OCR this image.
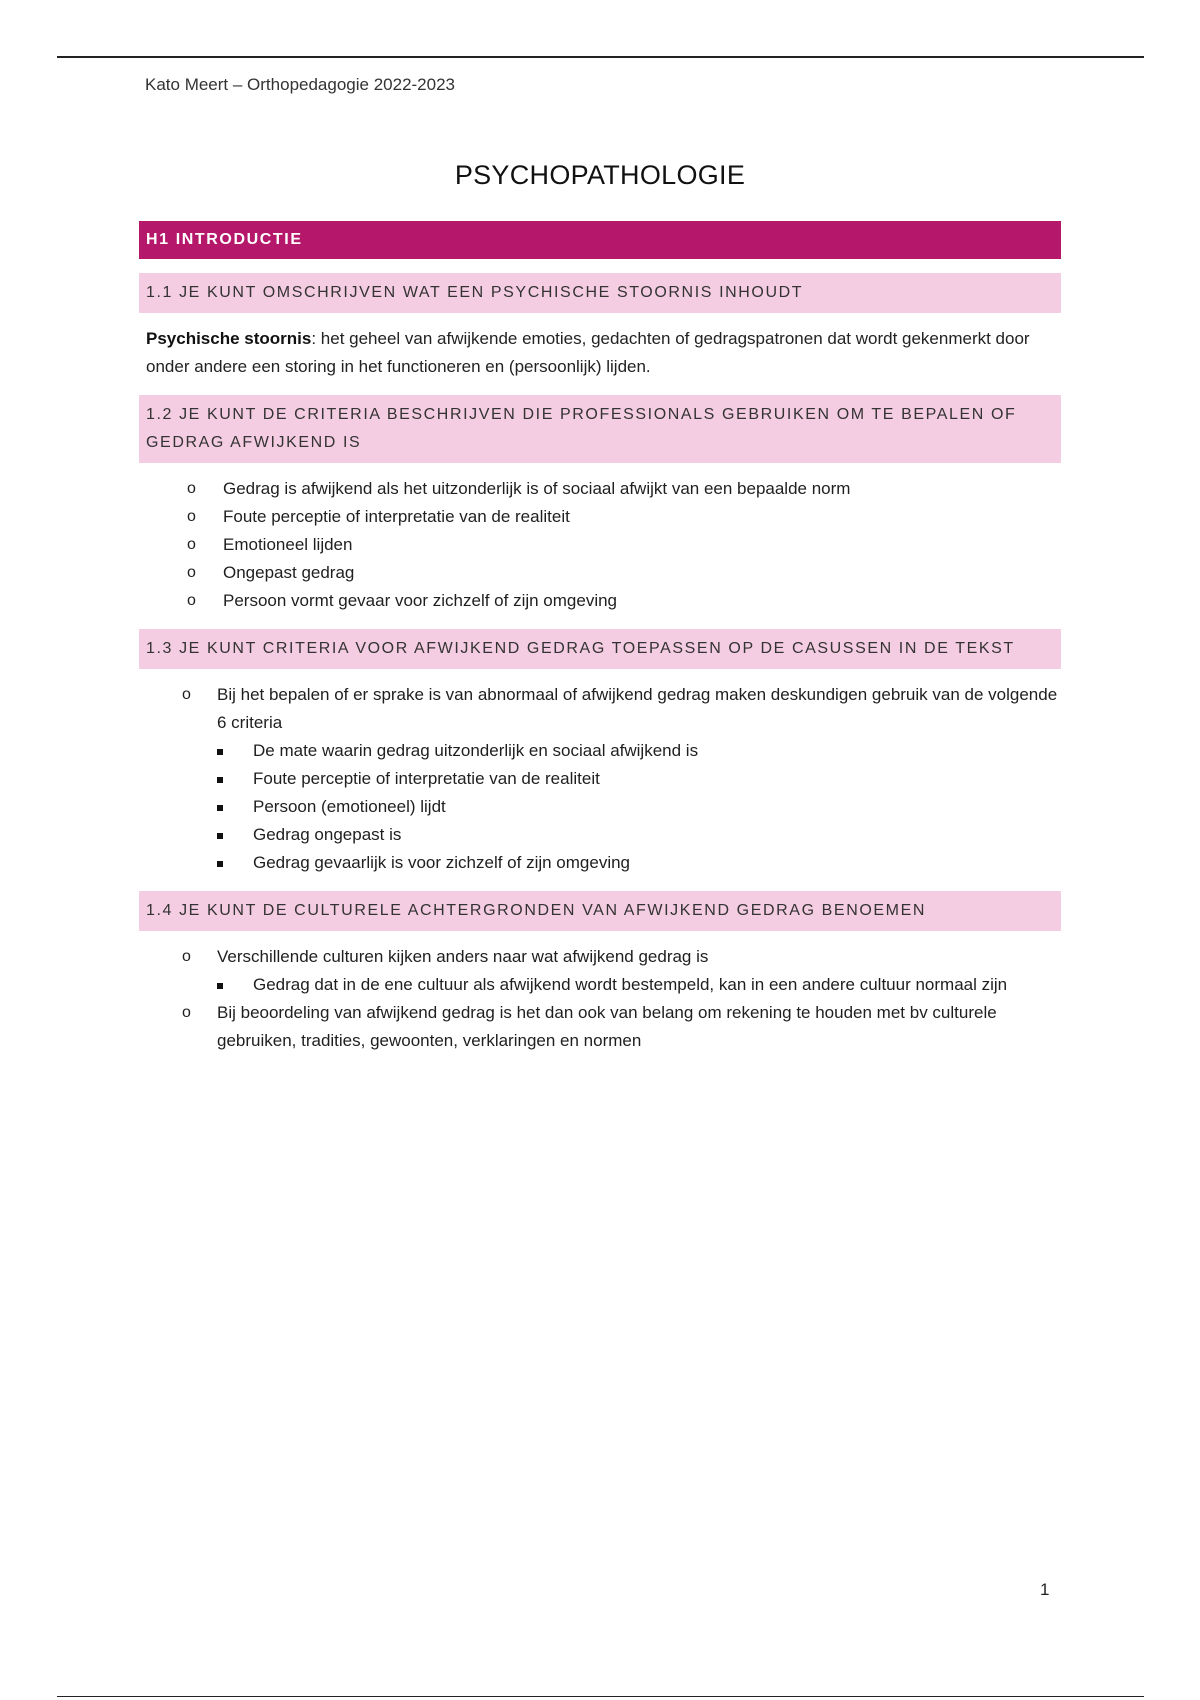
Kato Meert – Orthopedagogie 2022-2023
PSYCHOPATHOLOGIE
H1 INTRODUCTIE
1.1 JE KUNT OMSCHRIJVEN WAT EEN PSYCHISCHE STOORNIS INHOUDT

Psychische stoornis: het geheel van afwijkende emoties, gedachten of gedragspatronen dat wordt gekenmerkt door onder andere een storing in het functioneren en (persoonlijk) lijden.

1.2 JE KUNT DE CRITERIA BESCHRIJVEN DIE PROFESSIONALS GEBRUIKEN OM TE BEPALEN OF GEDRAG AFWIJKEND IS
o Gedrag is afwijkend als het uitzonderlijk is of sociaal afwijkt van een bepaalde norm
o Foute perceptie of interpretatie van de realiteit
o Emotioneel lijden
o Ongepast gedrag
o Persoon vormt gevaar voor zichzelf of zijn omgeving
1.3 JE KUNT CRITERIA VOOR AFWIJKEND GEDRAG TOEPASSEN OP DE CASUSSEN IN DE TEKST
o Bij het bepalen of er sprake is van abnormaal of afwijkend gedrag maken deskundigen gebruik van de volgende 6 criteria
De mate waarin gedrag uitzonderlijk en sociaal afwijkend is
Foute perceptie of interpretatie van de realiteit
Persoon (emotioneel) lijdt
Gedrag ongepast is
Gedrag gevaarlijk is voor zichzelf of zijn omgeving
1.4 JE KUNT DE CULTURELE ACHTERGRONDEN VAN AFWIJKEND GEDRAG BENOEMEN
o Verschillende culturen kijken anders naar wat afwijkend gedrag is
Gedrag dat in de ene cultuur als afwijkend wordt bestempeld, kan in een andere cultuur normaal zijn
o Bij beoordeling van afwijkend gedrag is het dan ook van belang om rekening te houden met bv culturele gebruiken, tradities, gewoonten, verklaringen en normen
1
